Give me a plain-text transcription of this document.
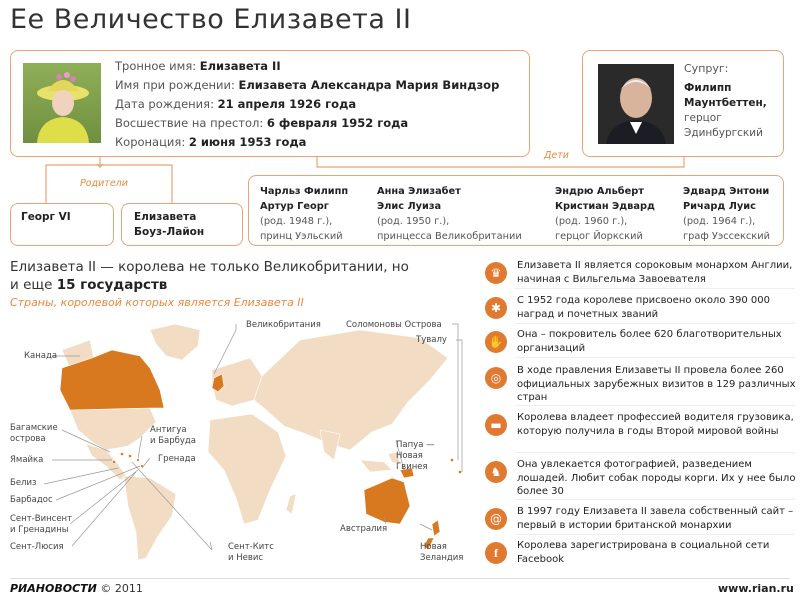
Ее Величество Елизавета II
Тронное имя: Елизавета II
Имя при рождении: Елизавета Александра Мария Виндзор
Дата рождения: 21 апреля 1926 года
Восшествие на престол: 6 февраля 1952 года
Коронация: 2 июня 1953 года
Супруг:
Филипп
Маунтбеттен,
герцог
Эдинбургский
Родители
Дети
Георг VI	Елизавета
Боуз-Лайон
Чарльз Филипп
Артур Георг
(род. 1948 г.),
принц Уэльский
Анна Элизабет
Элис Луиза
(род. 1950 г.),
принцесса Великобритании
Эндрю Альберт
Кристиан Эдвард
(род. 1960 г.),
герцог Йоркский
Эдвард Энтони
Ричард Луис
(род. 1964 г.),
граф Уэссекский
Елизавета II — королева не только Великобритании, но
и еще 15 государств
Страны, королевой которых является Елизавета II
Великобритания	Соломоновы Острова
Тувалу
Канада
Багамские
острова
Ямайка
Белиз
Барбадос
Сент-Винсент
и Гренадины
Сент-Люсия
Антигуа
и Барбуда
Гренада
Сент-Китс
и Невис
Папуа —
Новая
Гвинея
Австралия
Новая
Зеландия
♛
Елизавета II является сороковым монархом Англии, начиная с Вильгельма Завоевателя
✱
С 1952 года королеве присвоено около 390 000 наград и почетных званий
✋
Она – покровитель более 620 благотворительных организаций
◎
В ходе правления Елизаветы II провела более 260 официальных зарубежных визитов в 129 различных стран
▬
Королева владеет профессией водителя грузовика, которую получила в годы Второй мировой войны
♞
Она увлекается фотографией, разведением лошадей. Любит собак породы корги. Их у нее было более 30
@
В 1997 году Елизавета II завела собственный сайт – первый в истории британской монархии
f
Королева зарегистрирована в социальной сети Facebook
РИАНОВОСТИ © 2011	www.rian.ru
